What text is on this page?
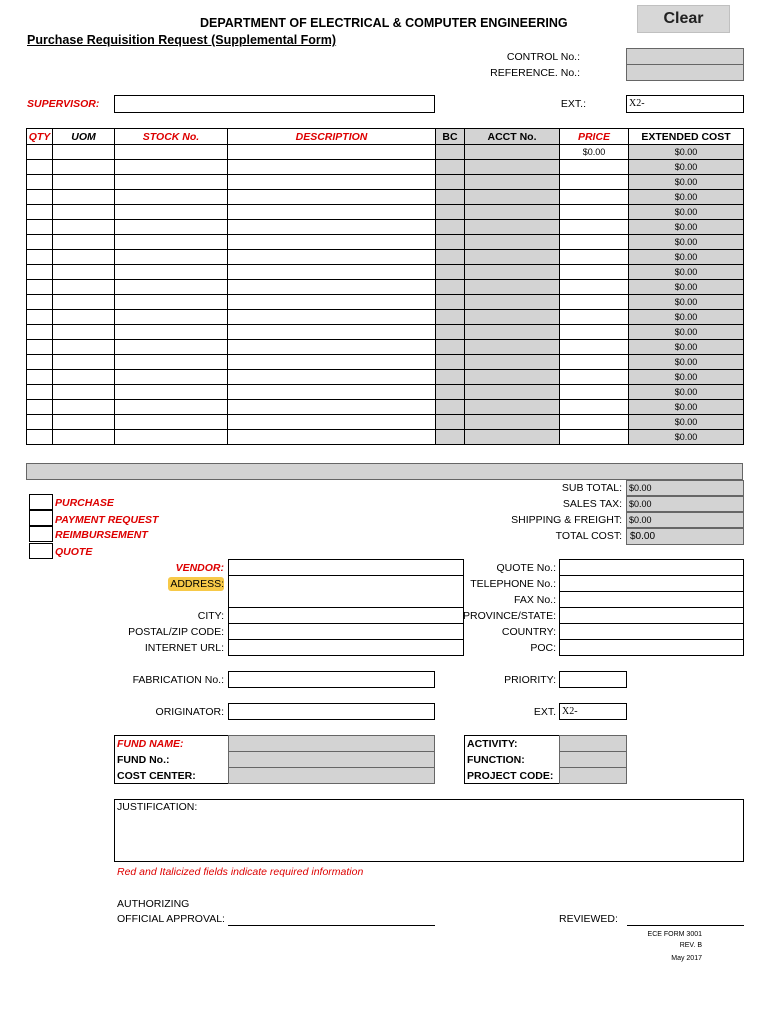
Clear
DEPARTMENT OF ELECTRICAL & COMPUTER ENGINEERING
Purchase Requisition Request (Supplemental Form)
CONTROL No.:
REFERENCE. No.:
SUPERVISOR:	EXT.:	X2-
QTY	UOM	STOCK No.	DESCRIPTION	BC	ACCT No.	PRICE	EXTENDED COST
						$0.00	$0.00
							$0.00
							$0.00
							$0.00
							$0.00
							$0.00
							$0.00
							$0.00
							$0.00
							$0.00
							$0.00
							$0.00
							$0.00
							$0.00
							$0.00
							$0.00
							$0.00
							$0.00
							$0.00
							$0.00
SUB TOTAL: $0.00
SALES TAX: $0.00
SHIPPING & FREIGHT: $0.00
TOTAL COST: $0.00
PURCHASE
PAYMENT REQUEST
REIMBURSEMENT
QUOTE
VENDOR:
ADDRESS:
CITY:
POSTAL/ZIP CODE:
INTERNET URL:
QUOTE No.:
TELEPHONE No.:
FAX No.:
PROVINCE/STATE:
COUNTRY:
POC:
FABRICATION No.:	PRIORITY:
ORIGINATOR:	EXT. X2-
FUND NAME:
FUND No.:
COST CENTER:
ACTIVITY:
FUNCTION:
PROJECT CODE:
JUSTIFICATION:
Red and Italicized fields indicate required information
AUTHORIZING
OFFICIAL APPROVAL:	REVIEWED:
ECE FORM 3001
REV. B
May 2017
